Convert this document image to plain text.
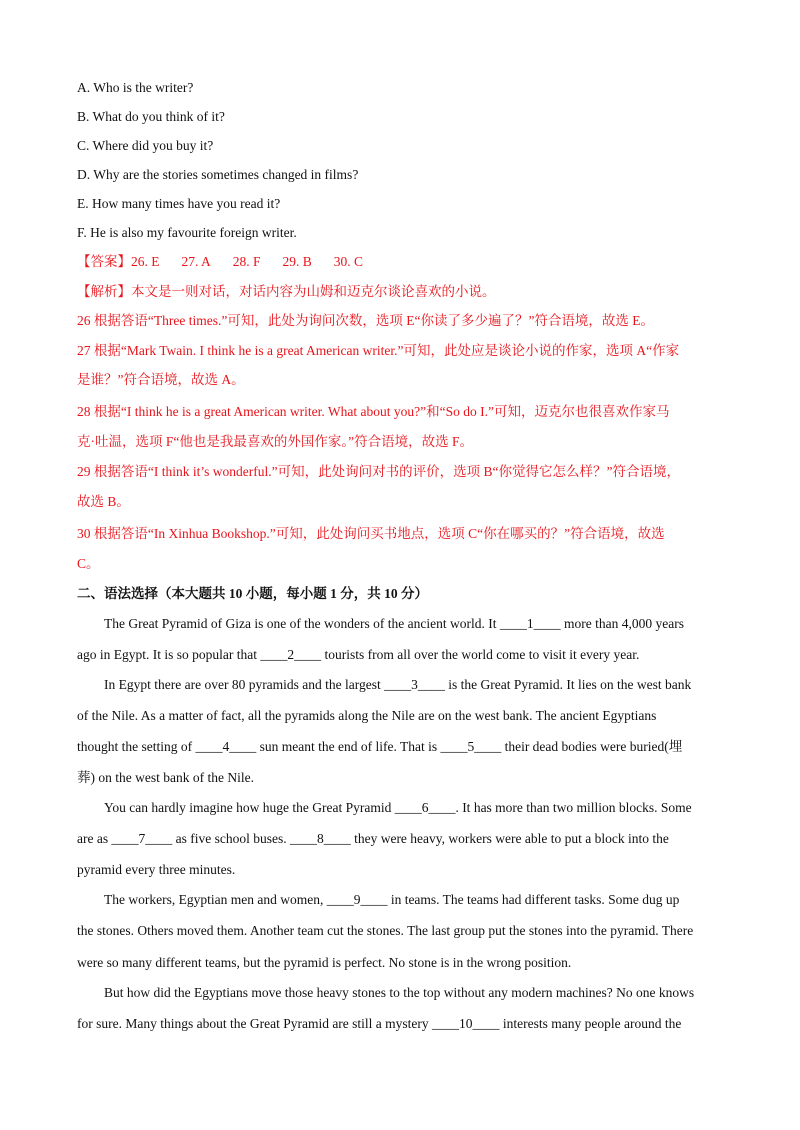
A. Who is the writer?
B. What do you think of it?
C. Where did you buy it?
D. Why are the stories sometimes changed in films?
E. How many times have you read it?
F. He is also my favourite foreign writer.
【答案】26. E 27. A 28. F 29. B 30. C
【解析】本文是一则对话，对话内容为山姆和迈克尔谈论喜欢的小说。
26 根据答语“Three times.”可知，此处为询问次数，选项 E“你读了多少遍了？”符合语境，故选 E。
27 根据“Mark Twain. I think he is a great American writer.”可知，此处应是谈论小说的作家，选项 A“作家
是谁？”符合语境，故选 A。
28 根据“I think he is a great American writer. What about you?”和“So do I.”可知，迈克尔也很喜欢作家马
克·吐温，选项 F“他也是我最喜欢的外国作家。”符合语境，故选 F。
29 根据答语“I think it’s wonderful.”可知，此处询问对书的评价，选项 B“你觉得它怎么样？”符合语境，
故选 B。
30 根据答语“In Xinhua Bookshop.”可知，此处询问买书地点，选项 C“你在哪买的？”符合语境，故选
C。
二、语法选择（本大题共 10 小题，每小题 1 分，共 10 分）
The Great Pyramid of Giza is one of the wonders of the ancient world. It ____1____ more than 4,000 years
ago in Egypt. It is so popular that ____2____ tourists from all over the world come to visit it every year.
In Egypt there are over 80 pyramids and the largest ____3____ is the Great Pyramid. It lies on the west bank
of the Nile. As a matter of fact, all the pyramids along the Nile are on the west bank. The ancient Egyptians
thought the setting of ____4____ sun meant the end of life. That is ____5____ their dead bodies were buried(埋
葬) on the west bank of the Nile.
You can hardly imagine how huge the Great Pyramid ____6____. It has more than two million blocks. Some
are as ____7____ as five school buses. ____8____ they were heavy, workers were able to put a block into the
pyramid every three minutes.
The workers, Egyptian men and women, ____9____ in teams. The teams had different tasks. Some dug up
the stones. Others moved them. Another team cut the stones. The last group put the stones into the pyramid. There
were so many different teams, but the pyramid is perfect. No stone is in the wrong position.
But how did the Egyptians move those heavy stones to the top without any modern machines? No one knows
for sure. Many things about the Great Pyramid are still a mystery ____10____ interests many people around the
